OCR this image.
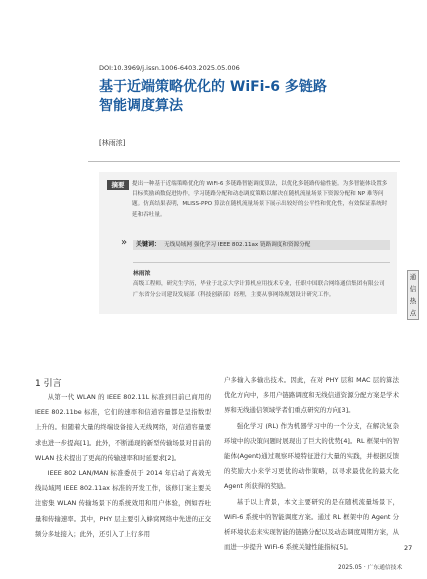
DOI:10.3969/j.issn.1006-6403.2025.05.006
基于近端策略优化的 WiFi-6 多链路
智能调度算法
[林雨浓]
摘要	提出一种基于近端策略优化的 WiFi-6 多链路智能调度算法，以优化多链路传输性能。为多智能体设置多目标奖励函数促进协作，学习链路分配和动态调度策略以解决在随机流量场景下资源分配和 NP 难等问题。仿真结果表明，MLISS-PPO 算法在随机流量场景下展示出较好的公平性和优化性，有效保证系统时延和吞吐量。
» 关键词： 无线局域网 强化学习 IEEE 802.11ax 链路调度和资源分配
林雨浓
高级工程师，研究生学历，毕业于北京大学计算机应用技术专业，任职中国联合网络通信集团有限公司广东省分公司建设发展部（科技创新部）经理，主要从事网络规划设计研究工作。
通信热点
1 引言

从第一代 WLAN 的 IEEE 802.11L 标准到目前已商用的 IEEE 802.11be 标准，它们的速率和信道容量都是呈指数型上升的。但随着大量的终端设备接入无线网络，对信道容量要求也进一步提高[1]。此外，不断涌现的新型传输场景对目前的 WLAN 技术提出了更高的传输速率和时延要求[2]。

IEEE 802 LAN/MAN 标准委员于 2014 年启动了高效无线局域网 IEEE 802.11ax 标准的开发工作，该修订案主要关注密集 WLAN 传输场景下的系统效用和用户体验，例如吞吐量和传输速率。其中，PHY 层主要引入蜂窝网络中先进的正交频分多址接入；此外，还引入了上行多用

户多输入多输出技术。因此，在对 PHY 层和 MAC 层的算法优化方向中，多用户链路调度和无线信道资源分配方案是学术界和无线通信领域学者们重点研究的方向[3]。

强化学习 (RL) 作为机器学习中的一个分支，在解决复杂环境中的决策问题时展现出了巨大的优势[4]。RL 框架中的智能体(Agent)通过观察环境特征进行大量的实践，并根据反馈的奖励大小来学习更优的动作策略，以寻求最优化的最大化 Agent 所获得的奖励。

基于以上背景，本文主要研究的是在随机流量场景下，WiFi-6 系统中的智能调度方案。通过 RL 框架中的 Agent 分析环境状态来实现智能的链路分配以及动态调度周期方案，从而进一步提升 WiFi-6 系统关键性能指标[5]。	27
2025.05 · 广东通信技术
